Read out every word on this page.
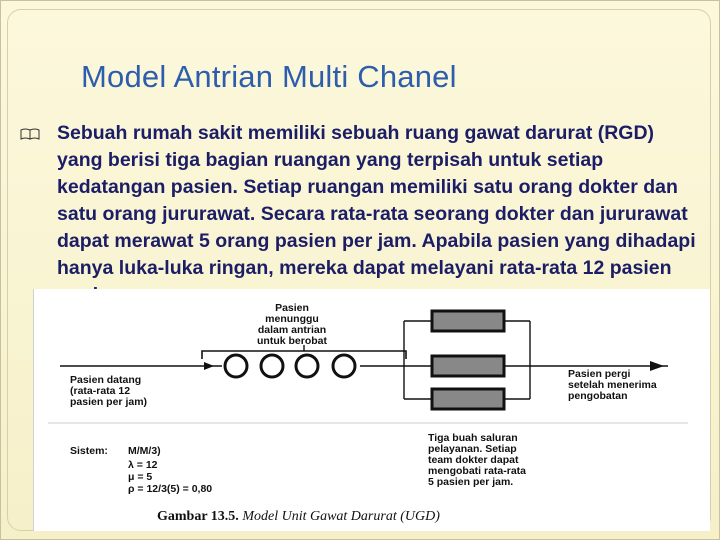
Model Antrian Multi Chanel

Sebuah rumah sakit memiliki sebuah ruang gawat darurat (RGD) yang berisi tiga bagian ruangan yang terpisah untuk setiap kedatangan pasien. Setiap ruangan memiliki satu orang dokter dan satu orang jururawat. Secara rata-rata seorang dokter dan jururawat dapat merawat 5 orang pasien per jam. Apabila pasien yang dihadapi hanya luka-luka ringan, mereka dapat melayani rata-rata 12 pasien

Pasien
menunggu
dalam antrian
untuk berobat
Pasien datang
(rata-rata 12
pasien per jam)
Pasien pergi
setelah menerima
pengobatan
Tiga buah saluran
pelayanan. Setiap
team dokter dapat
mengobati rata-rata
5 pasien per jam.
Sistem: M/M/3)
λ = 12
μ = 5
ρ = 12/3(5) = 0,80
Gambar 13.5. Model Unit Gawat Darurat (UGD)
